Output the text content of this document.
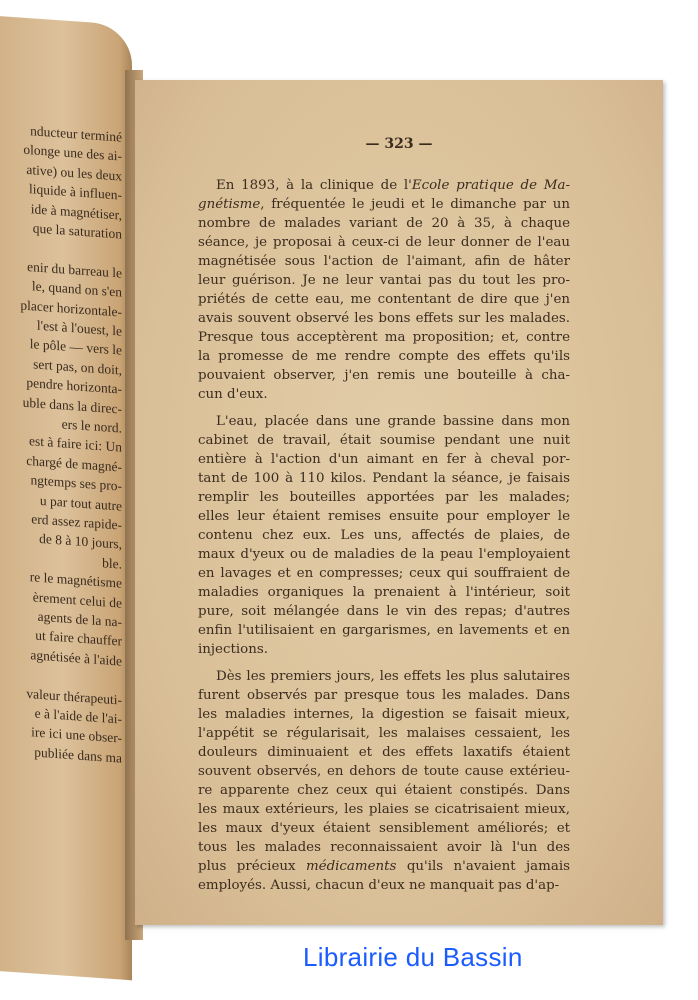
nducteur terminé
olonge une des ai-
ative) ou les deux
liquide à influen-
ide à magnétiser,
que la saturation
enir du barreau le
le, quand on s'en
placer horizontale-
l'est à l'ouest, le
le pôle — vers le
sert pas, on doit,
pendre horizonta-
uble dans la direc-
ers le nord.
est à faire ici: Un
chargé de magné-
ngtemps ses pro-
u par tout autre
erd assez rapide-
de 8 à 10 jours,
ble.
re le magnétisme
èrement celui de
agents de la na-
ut faire chauffer
agnétisée à l'aide
valeur thérapeuti-
e à l'aide de l'ai-
ire ici une obser-
publiée dans ma
— 323 —
En 1893, à la clinique de l'Ecole pratique de Ma-
gnétisme, fréquentée le jeudi et le dimanche par un
nombre de malades variant de 20 à 35, à chaque
séance, je proposai à ceux-ci de leur donner de l'eau
magnétisée sous l'action de l'aimant, afin de hâter
leur guérison. Je ne leur vantai pas du tout les pro-
priétés de cette eau, me contentant de dire que j'en
avais souvent observé les bons effets sur les malades.
Presque tous acceptèrent ma proposition; et, contre
la promesse de me rendre compte des effets qu'ils
pouvaient observer, j'en remis une bouteille à cha-
cun d'eux.
L'eau, placée dans une grande bassine dans mon
cabinet de travail, était soumise pendant une nuit
entière à l'action d'un aimant en fer à cheval por-
tant de 100 à 110 kilos. Pendant la séance, je faisais
remplir les bouteilles apportées par les malades;
elles leur étaient remises ensuite pour employer le
contenu chez eux. Les uns, affectés de plaies, de
maux d'yeux ou de maladies de la peau l'employaient
en lavages et en compresses; ceux qui souffraient de
maladies organiques la prenaient à l'intérieur, soit
pure, soit mélangée dans le vin des repas; d'autres
enfin l'utilisaient en gargarismes, en lavements et en
injections.
Dès les premiers jours, les effets les plus salutaires
furent observés par presque tous les malades. Dans
les maladies internes, la digestion se faisait mieux,
l'appétit se régularisait, les malaises cessaient, les
douleurs diminuaient et des effets laxatifs étaient
souvent observés, en dehors de toute cause extérieu-
re apparente chez ceux qui étaient constipés. Dans
les maux extérieurs, les plaies se cicatrisaient mieux,
les maux d'yeux étaient sensiblement améliorés; et
tous les malades reconnaissaient avoir là l'un des
plus précieux médicaments qu'ils n'avaient jamais
employés. Aussi, chacun d'eux ne manquait pas d'ap-
Librairie du Bassin
